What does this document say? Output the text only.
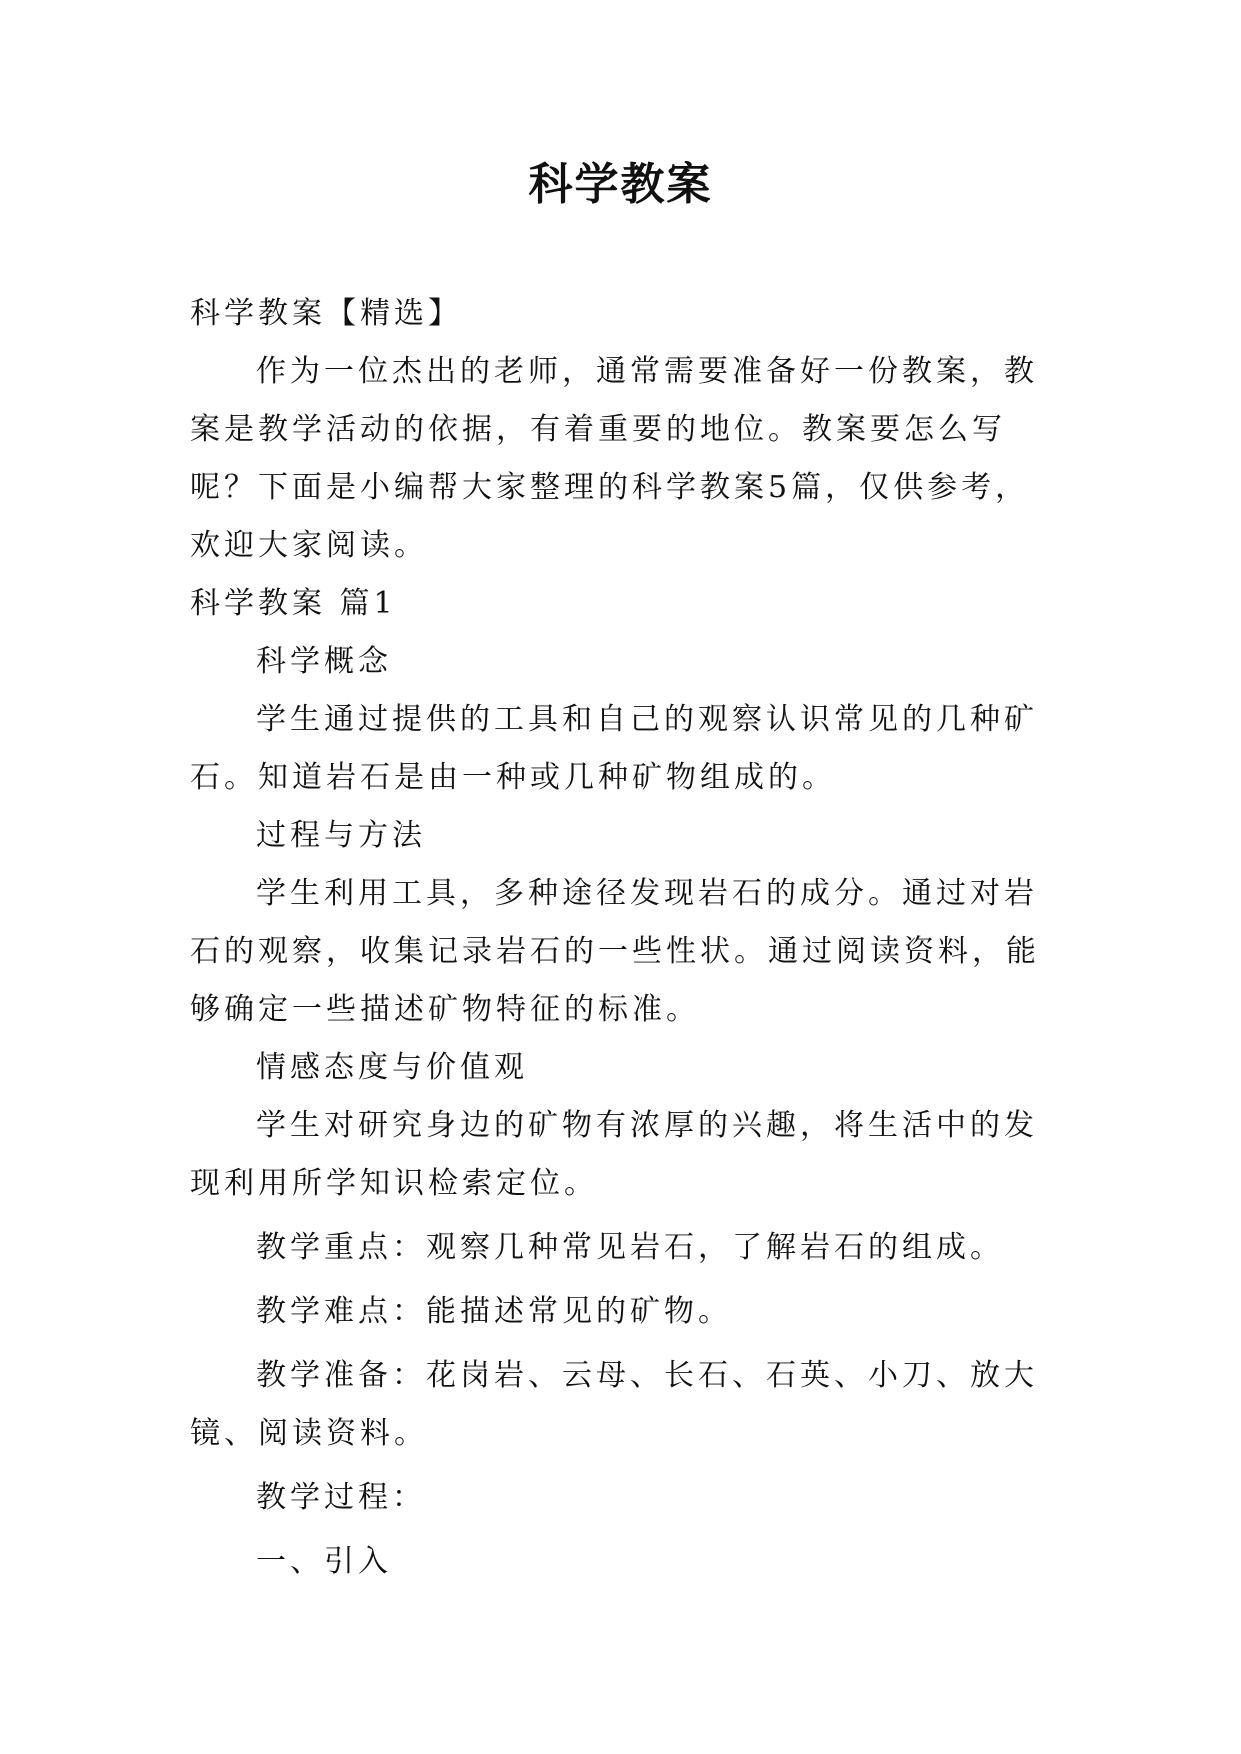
科学教案

科学教案【精选】

作为一位杰出的老师，通常需要准备好一份教案，教案是教学活动的依据，有着重要的地位。教案要怎么写呢？下面是小编帮大家整理的科学教案5篇，仅供参考，欢迎大家阅读。

科学教案 篇1

科学概念

学生通过提供的工具和自己的观察认识常见的几种矿石。知道岩石是由一种或几种矿物组成的。

过程与方法

学生利用工具，多种途径发现岩石的成分。通过对岩石的观察，收集记录岩石的一些性状。通过阅读资料，能够确定一些描述矿物特征的标准。

情感态度与价值观

学生对研究身边的矿物有浓厚的兴趣，将生活中的发现利用所学知识检索定位。

教学重点：观察几种常见岩石，了解岩石的组成。

教学难点：能描述常见的矿物。

教学准备：花岗岩、云母、长石、石英、小刀、放大镜、阅读资料。

教学过程：

一、引入
